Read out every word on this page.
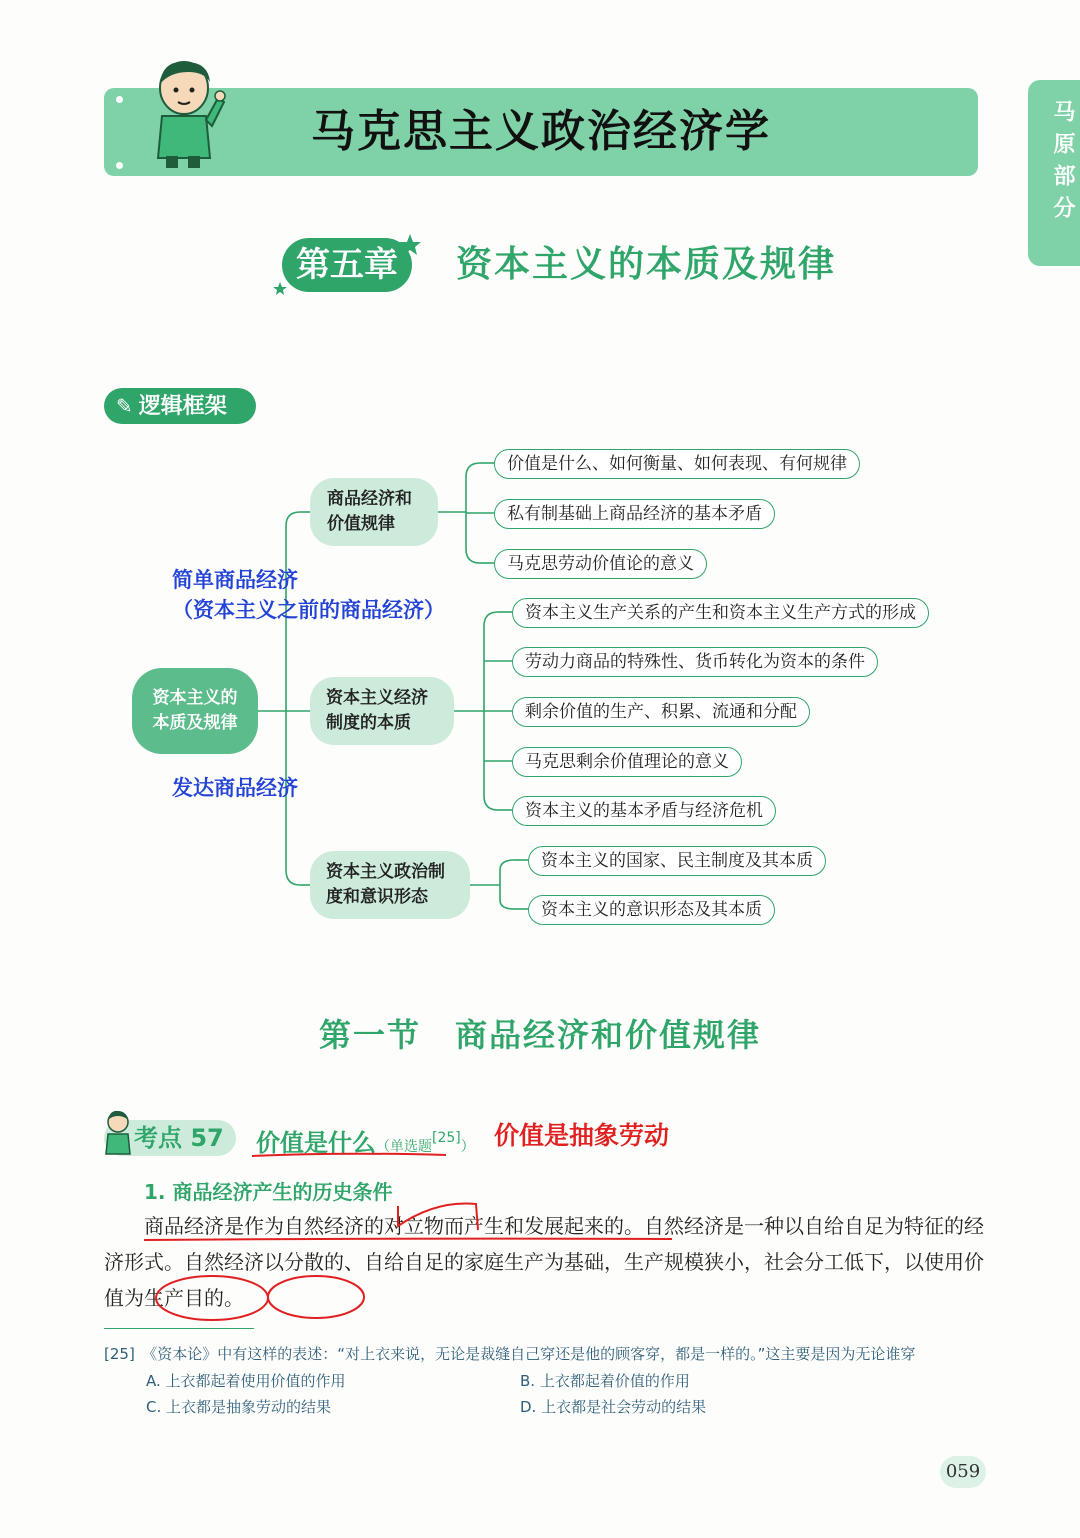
马克思主义政治经济学	马原部分
第五章	资本主义的本质及规律
✎ 逻辑框架
资本主义的本质及规律
商品经济和价值规律
资本主义经济制度的本质
资本主义政治制度和意识形态
价值是什么、如何衡量、如何表现、有何规律
私有制基础上商品经济的基本矛盾
马克思劳动价值论的意义
资本主义生产关系的产生和资本主义生产方式的形成
劳动力商品的特殊性、货币转化为资本的条件
剩余价值的生产、积累、流通和分配
马克思剩余价值理论的意义
资本主义的基本矛盾与经济危机
资本主义的国家、民主制度及其本质
资本主义的意识形态及其本质
简单商品经济
（资本主义之前的商品经济）
发达商品经济
第一节　商品经济和价值规律
考点 57 价值是什么（单选题[25]） 价值是抽象劳动
1. 商品经济产生的历史条件
商品经济是作为自然经济的对立物而产生和发展起来的。自然经济是一种以自给自足为特征的经济形式。自然经济以分散的、自给自足的家庭生产为基础，生产规模狭小，社会分工低下，以使用价值为生产目的。
[25]　《资本论》中有这样的表述：“对上衣来说，无论是裁缝自己穿还是他的顾客穿，都是一样的。”这主要是因为无论谁穿
A. 上衣都起着使用价值的作用	B. 上衣都起着价值的作用
C. 上衣都是抽象劳动的结果	D. 上衣都是社会劳动的结果
059
